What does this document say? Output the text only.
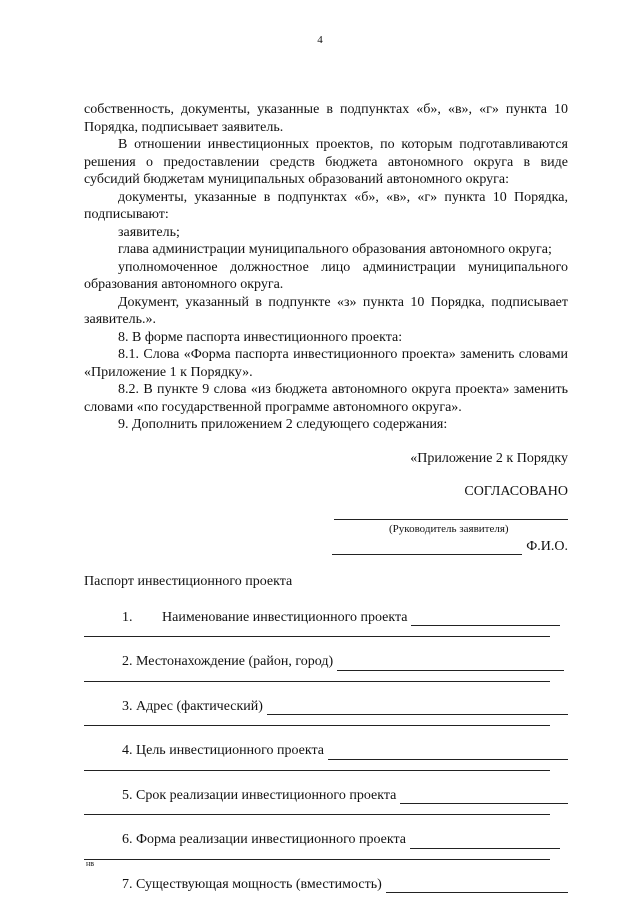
4

собственность, документы, указанные в подпунктах «б», «в», «г» пункта 10 Порядка, подписывает заявитель.

В отношении инвестиционных проектов, по которым подготавливаются решения о предоставлении средств бюджета автономного округа в виде субсидий бюджетам муниципальных образований автономного округа:

документы, указанные в подпунктах «б», «в», «г» пункта 10 Порядка, подписывают:

заявитель;

глава администрации муниципального образования автономного округа;

уполномоченное должностное лицо администрации муниципального образования автономного округа.

Документ, указанный в подпункте «з» пункта 10 Порядка, подписывает заявитель.».

8. В форме паспорта инвестиционного проекта:

8.1. Слова «Форма паспорта инвестиционного проекта» заменить словами «Приложение 1 к Порядку».

8.2. В пункте 9 слова «из бюджета автономного округа проекта» заменить словами «по государственной программе автономного округа».

9. Дополнить приложением 2 следующего содержания:

«Приложение 2 к Порядку

СОГЛАСОВАНО

(Руководитель заявителя)
Ф.И.О.

Паспорт инвестиционного проекта

1. Наименование инвестиционного проекта
2. Местонахождение (район, город)
3. Адрес (фактический)
4. Цель инвестиционного проекта
5. Срок реализации инвестиционного проекта
6. Форма реализации инвестиционного проекта
7. Существующая мощность (вместимость)
нв
